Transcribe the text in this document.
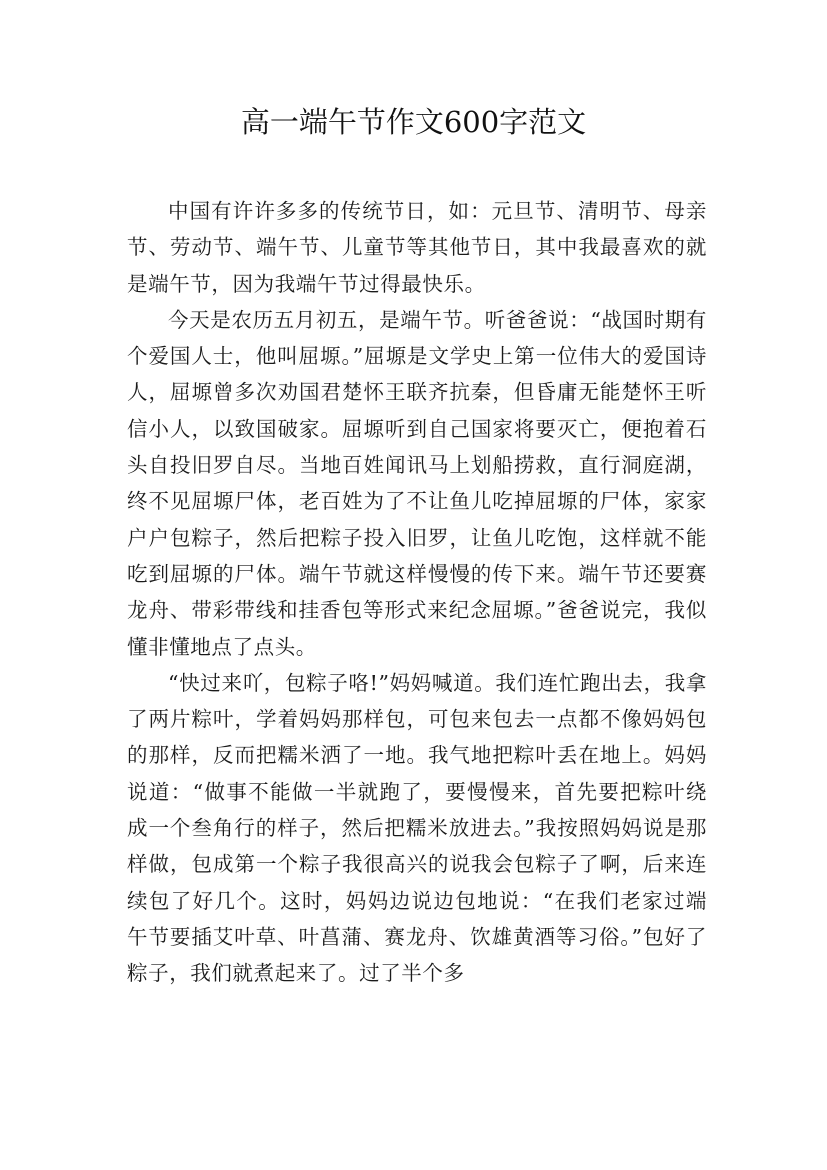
高一端午节作文600字范文

中国有许许多多的传统节日，如：元旦节、清明节、母亲节、劳动节、端午节、儿童节等其他节日，其中我最喜欢的就是端午节，因为我端午节过得最快乐。

今天是农历五月初五，是端午节。听爸爸说：“战国时期有个爱国人士，他叫屈塬。”屈塬是文学史上第一位伟大的爱国诗人，屈塬曾多次劝国君楚怀王联齐抗秦，但昏庸无能楚怀王听信小人，以致国破家。屈塬听到自己国家将要灭亡，便抱着石头自投旧罗自尽。当地百姓闻讯马上划船捞救，直行洞庭湖，终不见屈塬尸体，老百姓为了不让鱼儿吃掉屈塬的尸体，家家户户包粽子，然后把粽子投入旧罗，让鱼儿吃饱，这样就不能吃到屈塬的尸体。端午节就这样慢慢的传下来。端午节还要赛龙舟、带彩带线和挂香包等形式来纪念屈塬。”爸爸说完，我似懂非懂地点了点头。

“快过来吖，包粽子咯!”妈妈喊道。我们连忙跑出去，我拿了两片粽叶，学着妈妈那样包，可包来包去一点都不像妈妈包的那样，反而把糯米洒了一地。我气地把粽叶丢在地上。妈妈说道：“做事不能做一半就跑了，要慢慢来，首先要把粽叶绕成一个叁角行的样子，然后把糯米放进去。”我按照妈妈说是那样做，包成第一个粽子我很高兴的说我会包粽子了啊，后来连续包了好几个。这时，妈妈边说边包地说：“在我们老家过端午节要插艾叶草、叶菖蒲、赛龙舟、饮雄黄酒等习俗。”包好了粽子，我们就煮起来了。过了半个多
